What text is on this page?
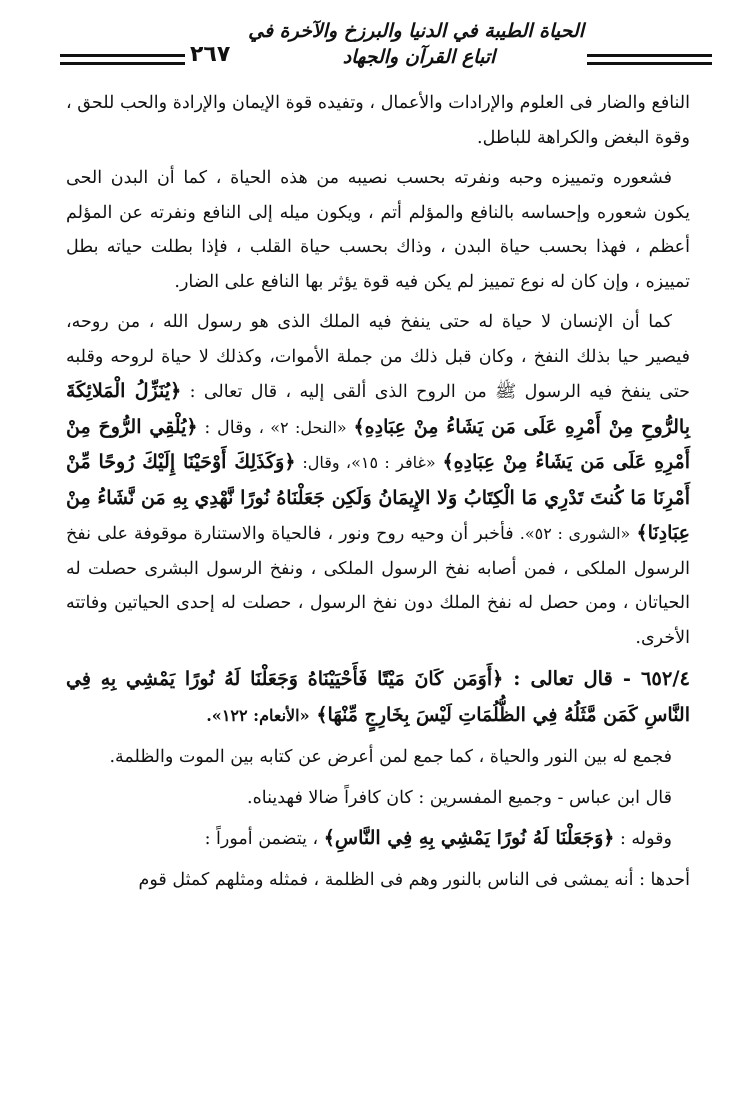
٢٦٧
الحياة الطيبة في الدنيا والبرزخ والآخرة في
اتباع القرآن والجهاد

النافع والضار فى العلوم والإرادات والأعمال ، وتفيده قوة الإيمان والإرادة والحب للحق ، وقوة البغض والكراهة للباطل.

فشعوره وتمييزه وحبه ونفرته بحسب نصيبه من هذه الحياة ، كما أن البدن الحى يكون شعوره وإحساسه بالنافع والمؤلم أتم ، ويكون ميله إلى النافع ونفرته عن المؤلم أعظم ، فهذا بحسب حياة البدن ، وذاك بحسب حياة القلب ، فإذا بطلت حياته بطل تمييزه ، وإن كان له نوع تمييز لم يكن فيه قوة يؤثر بها النافع على الضار.

كما أن الإنسان لا حياة له حتى ينفخ فيه الملك الذى هو رسول الله ، من روحه، فيصير حيا بذلك النفخ ، وكان قبل ذلك من جملة الأموات، وكذلك لا حياة لروحه وقلبه حتى ينفخ فيه الرسول ﷺ من الروح الذى ألقى إليه ، قال تعالى : ﴿يُنَزِّلُ الْمَلائِكَةَ بِالرُّوحِ مِنْ أَمْرِهِ عَلَى مَن يَشَاءُ مِنْ عِبَادِهِ﴾ «النحل: ٢» ، وقال : ﴿يُلْقِي الرُّوحَ مِنْ أَمْرِهِ عَلَى مَن يَشَاءُ مِنْ عِبَادِهِ﴾ «غافر : ١٥»، وقال: ﴿وَكَذَلِكَ أَوْحَيْنَا إِلَيْكَ رُوحًا مِّنْ أَمْرِنَا مَا كُنتَ تَدْرِي مَا الْكِتَابُ وَلا الإِيمَانُ وَلَكِن جَعَلْنَاهُ نُورًا نَّهْدِي بِهِ مَن نَّشَاءُ مِنْ عِبَادِنَا﴾ «الشورى : ٥٢». فأخبر أن وحيه روح ونور ، فالحياة والاستنارة موقوفة على نفخ الرسول الملكى ، فمن أصابه نفخ الرسول الملكى ، ونفخ الرسول البشرى حصلت له الحياتان ، ومن حصل له نفخ الملك دون نفخ الرسول ، حصلت له إحدى الحياتين وفاتته الأخرى.

٦٥٢/٤ - قال تعالى : ﴿أَوَمَن كَانَ مَيْتًا فَأَحْيَيْنَاهُ وَجَعَلْنَا لَهُ نُورًا يَمْشِي بِهِ فِي النَّاسِ كَمَن مَّثَلُهُ فِي الظُّلُمَاتِ لَيْسَ بِخَارِجٍ مِّنْهَا﴾ «الأنعام: ١٢٢».

فجمع له بين النور والحياة ، كما جمع لمن أعرض عن كتابه بين الموت والظلمة.

قال ابن عباس - وجميع المفسرين : كان كافراً ضالا فهديناه.

وقوله : ﴿وَجَعَلْنَا لَهُ نُورًا يَمْشِي بِهِ فِي النَّاسِ﴾ ، يتضمن أموراً :

أحدها : أنه يمشى فى الناس بالنور وهم فى الظلمة ، فمثله ومثلهم كمثل قوم
